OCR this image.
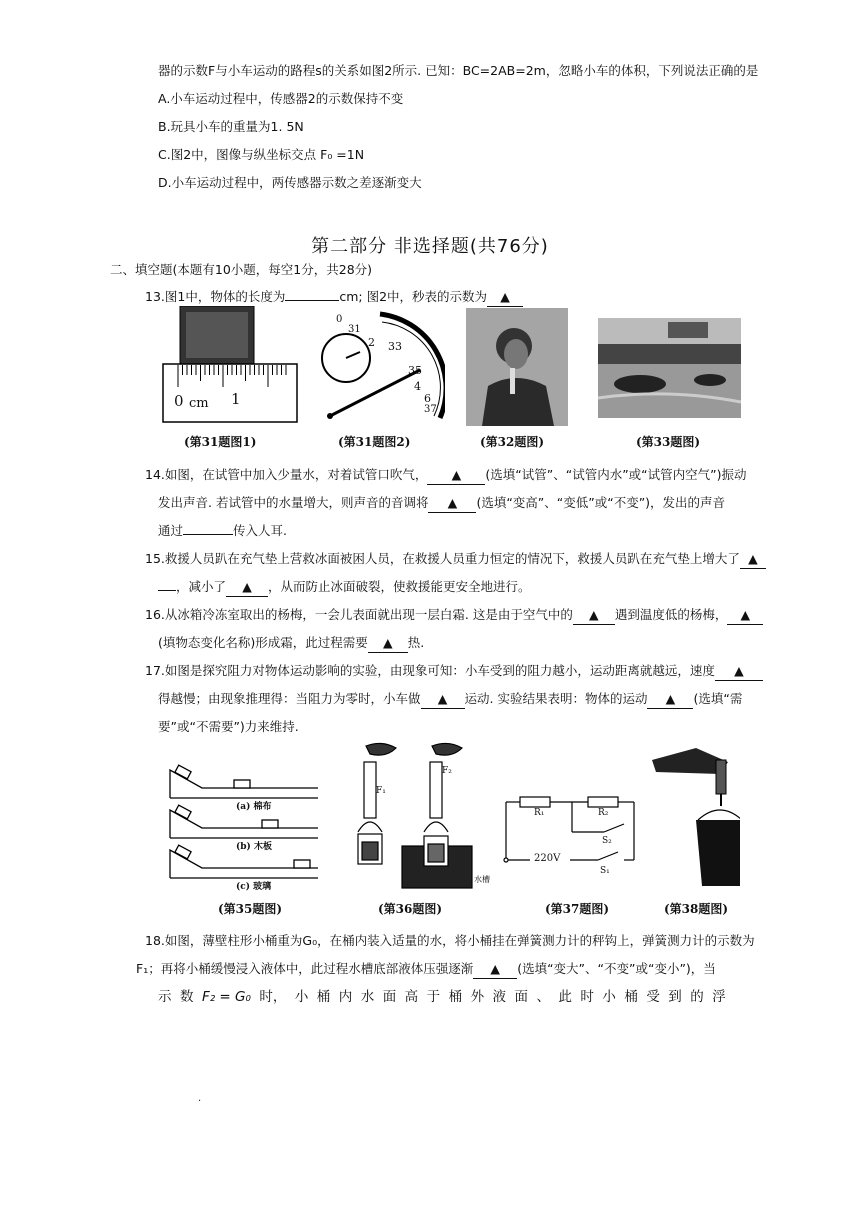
器的示数F与小车运动的路程s的关系如图2所示. 已知：BC=2AB=2m，忽略小车的体积，下列说法正确的是
A.小车运动过程中，传感器2的示数保持不变
B.玩具小车的重量为1. 5N
C.图2中，图像与纵坐标交点 F₀ =1N
D.小车运动过程中，两传感器示数之差逐渐变大
第二部分 非选择题(共76分)
二、填空题(本题有10小题，每空1分，共28分)
13.图1中，物体的长度为	cm; 图2中，秒表的示数为 ▲
0 cm 1
0
31
2 33
35
4
6
37
(第31题图1)	(第31题图2)	(第32题图)	(第33题图)
14.如图，在试管中加入少量水，对着试管口吹气， ▲ (选填“试管”、“试管内水”或“试管内空气”)振动
发出声音. 若试管中的水量增大，则声音的音调将 ▲ (选填“变高”、“变低”或“不变”)，发出的声音
通过	传入人耳.
15.救援人员趴在充气垫上营救冰面被困人员，在救援人员重力恒定的情况下，救援人员趴在充气垫上增大了 ▲
，减小了 ▲ ，从而防止冰面破裂，使救援能更安全地进行。
16.从冰箱冷冻室取出的杨梅，一会儿表面就出现一层白霜. 这是由于空气中的 ▲ 遇到温度低的杨梅， ▲
(填物态变化名称)形成霜，此过程需要 ▲ 热.
17.如图是探究阻力对物体运动影响的实验，由现象可知：小车受到的阻力越小，运动距离就越远，速度 ▲
得越慢；由现象推理得：当阻力为零时，小车做 ▲ 运动. 实验结果表明：物体的运动 ▲ (选填“需
要”或“不需要”)力来维持.
(a) 棉布
(b) 木板
(c) 玻璃
F₁
F₂
水槽
R₁	R₂
S₂
220V
S₁
(第35题图)	(第36题图)	(第37题图)	(第38题图)
18.如图，薄壁柱形小桶重为G₀，在桶内装入适量的水，将小桶挂在弹簧测力计的秤钩上，弹簧测力计的示数为
F₁；再将小桶缓慢浸入液体中，此过程水槽底部液体压强逐渐 ▲ (选填“变大”、“不变”或“变小”)，当
示 数 F₂ = G₀ 时， 小 桶 内 水 面 高 于 桶 外 液 面 、 此 时 小 桶 受 到 的 浮
.
